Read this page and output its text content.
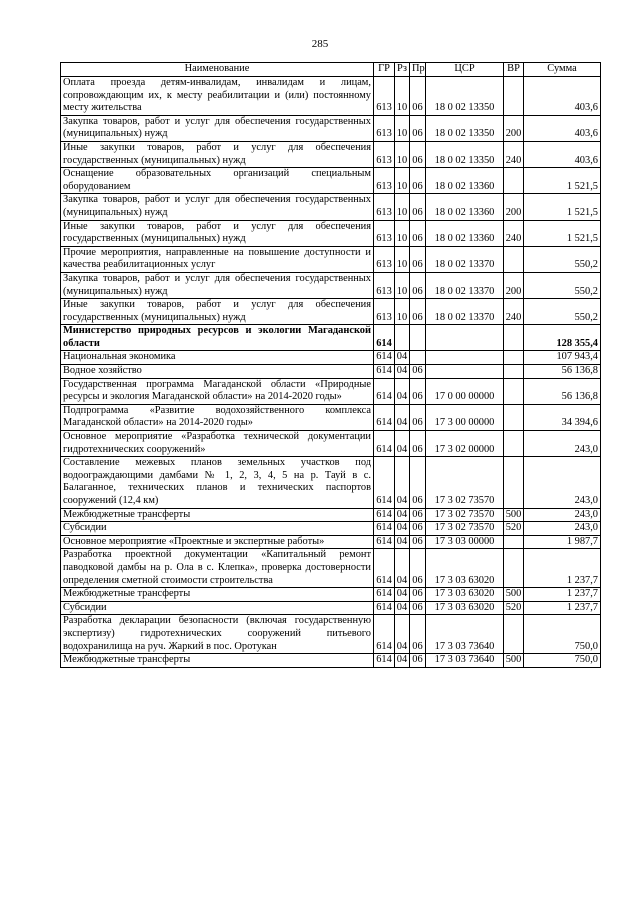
285
Наименование	ГР	Рз	Пр	ЦСР	ВР	Сумма
Оплата проезда детям-инвалидам, инвалидам и лицам, сопровождающим их, к месту реабилитации и (или) постоянному месту жительства	613	10	06	18 0 02 13350		403,6
Закупка товаров, работ и услуг для обеспечения государственных (муниципальных) нужд	613	10	06	18 0 02 13350	200	403,6
Иные закупки товаров, работ и услуг для обеспечения государственных (муниципальных) нужд	613	10	06	18 0 02 13350	240	403,6
Оснащение образовательных организаций специальным оборудованием	613	10	06	18 0 02 13360		1 521,5
Закупка товаров, работ и услуг для обеспечения государственных (муниципальных) нужд	613	10	06	18 0 02 13360	200	1 521,5
Иные закупки товаров, работ и услуг для обеспечения государственных (муниципальных) нужд	613	10	06	18 0 02 13360	240	1 521,5
Прочие мероприятия, направленные на повышение доступности и качества реабилитационных услуг	613	10	06	18 0 02 13370		550,2
Закупка товаров, работ и услуг для обеспечения государственных (муниципальных) нужд	613	10	06	18 0 02 13370	200	550,2
Иные закупки товаров, работ и услуг для обеспечения государственных (муниципальных) нужд	613	10	06	18 0 02 13370	240	550,2
Министерство природных ресурсов и экологии Магаданской области	614					128 355,4
Национальная экономика	614	04				107 943,4
Водное хозяйство	614	04	06			56 136,8
Государственная программа Магаданской области «Природные ресурсы и экология Магаданской области» на 2014-2020 годы»	614	04	06	17 0 00 00000		56 136,8
Подпрограмма «Развитие водохозяйственного комплекса Магаданской области» на 2014-2020 годы»	614	04	06	17 3 00 00000		34 394,6
Основное мероприятие «Разработка технической документации гидротехнических сооружений»	614	04	06	17 3 02 00000		243,0
Составление межевых планов земельных участков под водоограждающими дамбами № 1, 2, 3, 4, 5 на р. Тауй в с. Балаганное, технических планов и технических паспортов сооружений (12,4 км)	614	04	06	17 3 02 73570		243,0
Межбюджетные трансферты	614	04	06	17 3 02 73570	500	243,0
Субсидии	614	04	06	17 3 02 73570	520	243,0
Основное мероприятие «Проектные и экспертные работы»	614	04	06	17 3 03 00000		1 987,7
Разработка проектной документации «Капитальный ремонт паводковой дамбы на р. Ола в с. Клепка», проверка достоверности определения сметной стоимости строительства	614	04	06	17 3 03 63020		1 237,7
Межбюджетные трансферты	614	04	06	17 3 03 63020	500	1 237,7
Субсидии	614	04	06	17 3 03 63020	520	1 237,7
Разработка декларации безопасности (включая государственную экспертизу) гидротехнических сооружений питьевого водохранилища на руч. Жаркий в пос. Оротукан	614	04	06	17 3 03 73640		750,0
Межбюджетные трансферты	614	04	06	17 3 03 73640	500	750,0
